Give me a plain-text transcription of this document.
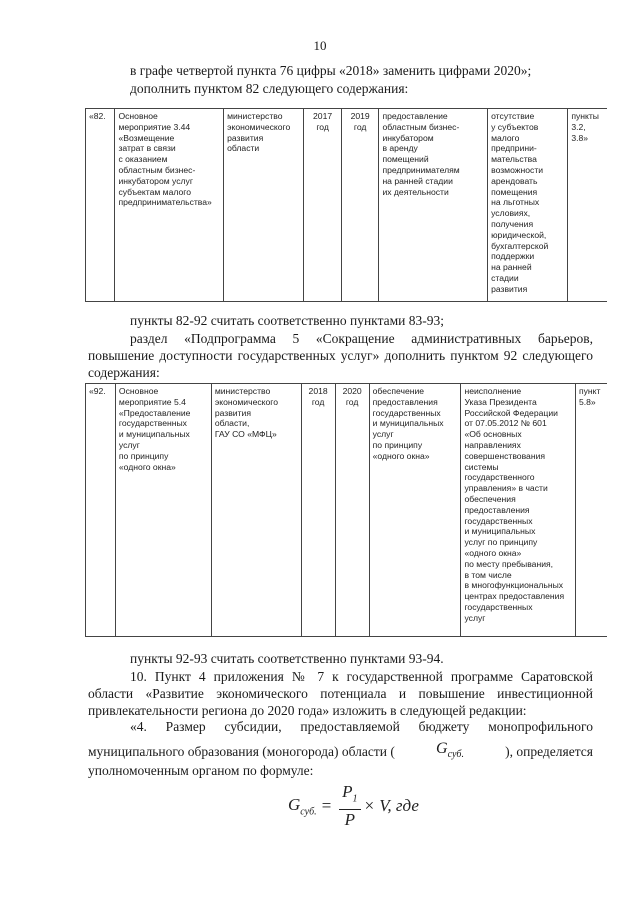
10
в графе четвертой пункта 76 цифры «2018» заменить цифрами 2020»;
дополнить пунктом 82 следующего содержания:
«82.	Основное
мероприятие 3.44
«Возмещение
затрат в связи
с оказанием
областным бизнес-
инкубатором услуг
субъектам малого
предпринимательства»	министерство
экономического
развития
области	2017
год	2019
год	предоставление
областным бизнес-
инкубатором
в аренду
помещений
предпринимателям
на ранней стадии
их деятельности	отсутствие
у субъектов
малого
предприни-
мательства
возможности
арендовать
помещения
на льготных
условиях,
получения
юридической,
бухгалтерской
поддержки
на ранней
стадии
развития	пункты
3.2, 3.8»
пункты 82-92 считать соответственно пунктами 83-93;
раздел «Подпрограмма 5 «Сокращение административных барьеров, повышение доступности государственных услуг» дополнить пунктом 92 следующего содержания:
«92.	Основное
мероприятие 5.4
«Предоставление
государственных
и муниципальных
услуг
по принципу
«одного окна»	министерство
экономического
развития
области,
ГАУ СО «МФЦ»	2018
год	2020
год	обеспечение
предоставления
государственных
и муниципальных
услуг
по принципу
«одного окна»	неисполнение
Указа Президента
Российской Федерации
от 07.05.2012 № 601
«Об основных
направлениях
совершенствования
системы
государственного
управления» в части
обеспечения
предоставления
государственных
и муниципальных
услуг по принципу
«одного окна»
по месту пребывания,
в том числе
в многофункциональных
центрах предоставления
государственных
услуг	пункт
5.8»
пункты 92-93 считать соответственно пунктами 93-94.
10. Пункт 4 приложения № 7 к государственной программе Саратовской области «Развитие экономического потенциала и повышение инвестиционной привлекательности региона до 2020 года» изложить в следующей редакции:
«4. Размер субсидии, предоставляемой бюджету монопрофильного
муниципального образования (моногорода) области (	$G_{суб.}$	), определяется
уполномоченным органом по формуле:
$G_{суб.} = \frac{P_1}{P} \times V$, где
